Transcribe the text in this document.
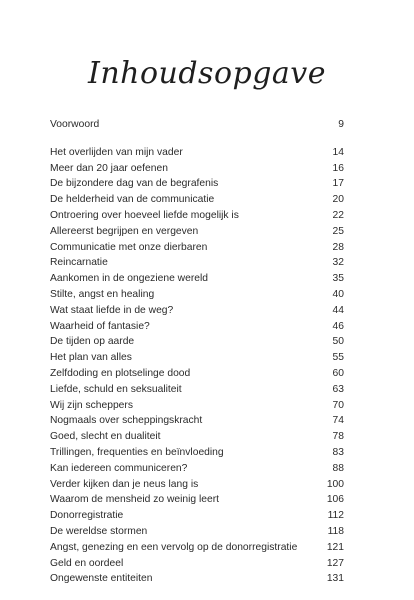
Inhoudsopgave
Voorwoord	9
Het overlijden van mijn vader	14
Meer dan 20 jaar oefenen	16
De bijzondere dag van de begrafenis	17
De helderheid van de communicatie	20
Ontroering over hoeveel liefde mogelijk is	22
Allereerst begrijpen en vergeven	25
Communicatie met onze dierbaren	28
Reincarnatie	32
Aankomen in de ongeziene wereld	35
Stilte, angst en healing	40
Wat staat liefde in de weg?	44
Waarheid of fantasie?	46
De tijden op aarde	50
Het plan van alles	55
Zelfdoding en plotselinge dood	60
Liefde, schuld en seksualiteit	63
Wij zijn scheppers	70
Nogmaals over scheppingskracht	74
Goed, slecht en dualiteit	78
Trillingen, frequenties en beïnvloeding	83
Kan iedereen communiceren?	88
Verder kijken dan je neus lang is	100
Waarom de mensheid zo weinig leert	106
Donorregistratie	112
De wereldse stormen	118
Angst, genezing en een vervolg op de donorregistratie	121
Geld en oordeel	127
Ongewenste entiteiten	131
